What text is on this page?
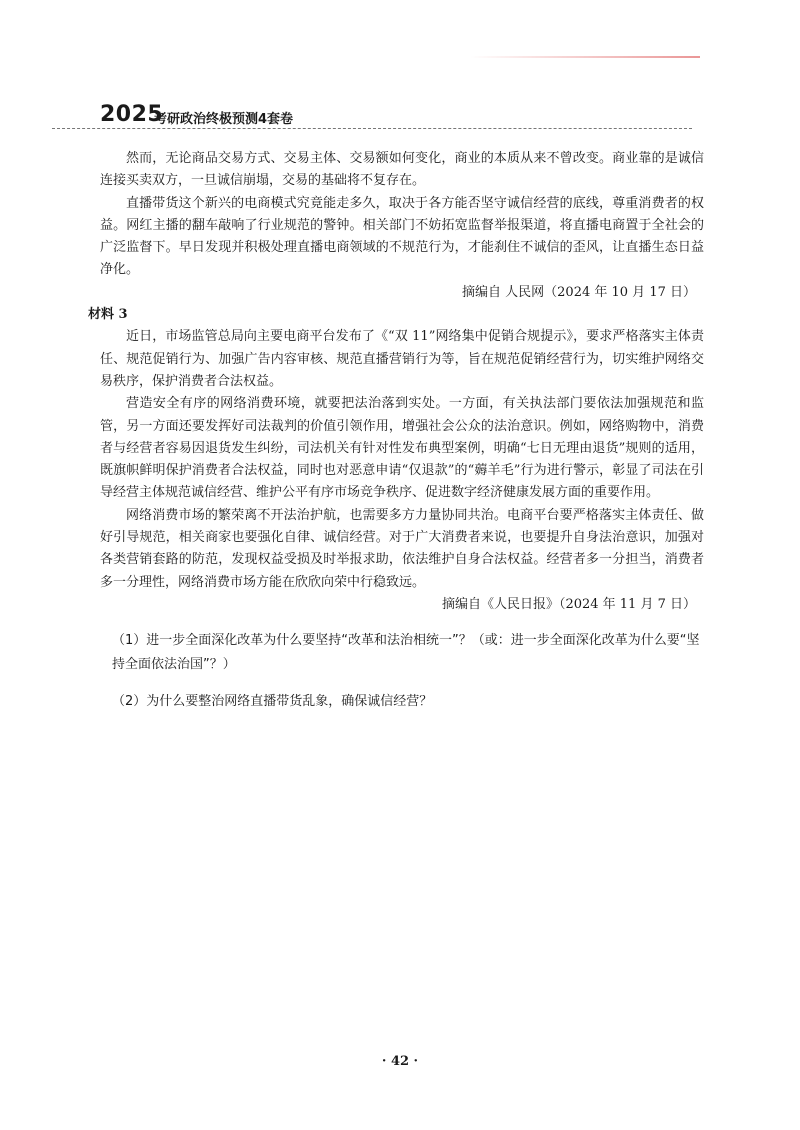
2025
考研政治终极预测4套卷

然而，无论商品交易方式、交易主体、交易额如何变化，商业的本质从来不曾改变。商业靠的是诚信连接买卖双方，一旦诚信崩塌，交易的基础将不复存在。

直播带货这个新兴的电商模式究竟能走多久，取决于各方能否坚守诚信经营的底线，尊重消费者的权益。网红主播的翻车敲响了行业规范的警钟。相关部门不妨拓宽监督举报渠道，将直播电商置于全社会的广泛监督下。早日发现并积极处理直播电商领域的不规范行为，才能刹住不诚信的歪风，让直播生态日益净化。

摘编自 人民网（2024 年 10 月 17 日）
材料 3

近日，市场监管总局向主要电商平台发布了《“双 11”网络集中促销合规提示》，要求严格落实主体责任、规范促销行为、加强广告内容审核、规范直播营销行为等，旨在规范促销经营行为，切实维护网络交易秩序，保护消费者合法权益。

营造安全有序的网络消费环境，就要把法治落到实处。一方面，有关执法部门要依法加强规范和监管，另一方面还要发挥好司法裁判的价值引领作用，增强社会公众的法治意识。例如，网络购物中，消费者与经营者容易因退货发生纠纷，司法机关有针对性发布典型案例，明确“七日无理由退货”规则的适用，既旗帜鲜明保护消费者合法权益，同时也对恶意申请“仅退款”的“薅羊毛”行为进行警示，彰显了司法在引导经营主体规范诚信经营、维护公平有序市场竞争秩序、促进数字经济健康发展方面的重要作用。

网络消费市场的繁荣离不开法治护航，也需要多方力量协同共治。电商平台要严格落实主体责任、做好引导规范，相关商家也要强化自律、诚信经营。对于广大消费者来说，也要提升自身法治意识，加强对各类营销套路的防范，发现权益受损及时举报求助，依法维护自身合法权益。经营者多一分担当，消费者多一分理性，网络消费市场方能在欣欣向荣中行稳致远。

摘编自《人民日报》（2024 年 11 月 7 日）

（1）进一步全面深化改革为什么要坚持“改革和法治相统一”？（或：进一步全面深化改革为什么要“坚持全面依法治国”？）

（2）为什么要整治网络直播带货乱象，确保诚信经营？

· 42 ·
